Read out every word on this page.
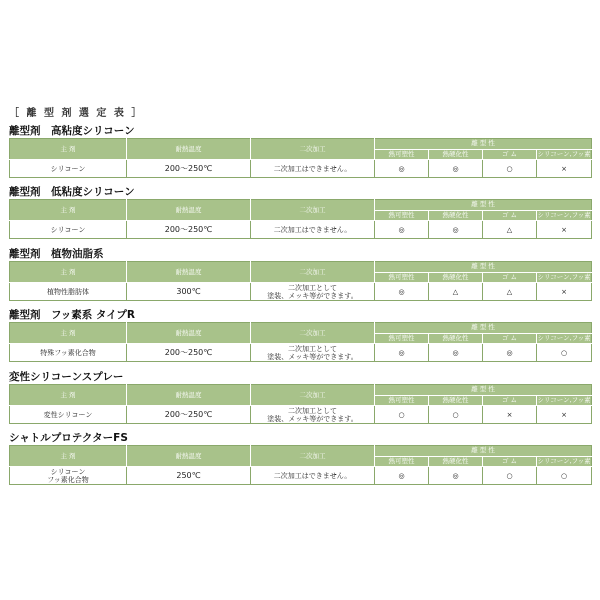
［ 離 型 剤 選 定 表 ］
離型剤　高粘度シリコーン
主 剤	耐熱温度	二次加工	離 型 性			
			熱可塑性	熱硬化性	ゴ ム	シリコーン,フッ素

シリコーン	200～250℃	二次加工はできません。	◎	◎	○	×
離型剤　低粘度シリコーン
主 剤	耐熱温度	二次加工	離 型 性			
			熱可塑性	熱硬化性	ゴ ム	シリコーン,フッ素

シリコーン	200～250℃	二次加工はできません。	◎	◎	△	×
離型剤　植物油脂系
主 剤	耐熱温度	二次加工	離 型 性			
			熱可塑性	熱硬化性	ゴ ム	シリコーン,フッ素

植物性脂肪体	300℃	二次加工として
塗装、メッキ等ができます。	◎	△	△	×
離型剤　フッ素系 タイプR
主 剤	耐熱温度	二次加工	離 型 性			
			熱可塑性	熱硬化性	ゴ ム	シリコーン,フッ素

特殊フッ素化合物	200～250℃	二次加工として
塗装、メッキ等ができます。	◎	◎	◎	○
変性シリコーンスプレー
主 剤	耐熱温度	二次加工	離 型 性			
			熱可塑性	熱硬化性	ゴ ム	シリコーン,フッ素

変性シリコーン	200～250℃	二次加工として
塗装、メッキ等ができます。	○	○	×	×
シャトルプロテクターFS
主 剤	耐熱温度	二次加工	離 型 性			
			熱可塑性	熱硬化性	ゴ ム	シリコーン,フッ素

シリコーン
フッ素化合物	250℃	二次加工はできません。	◎	◎	○	○
